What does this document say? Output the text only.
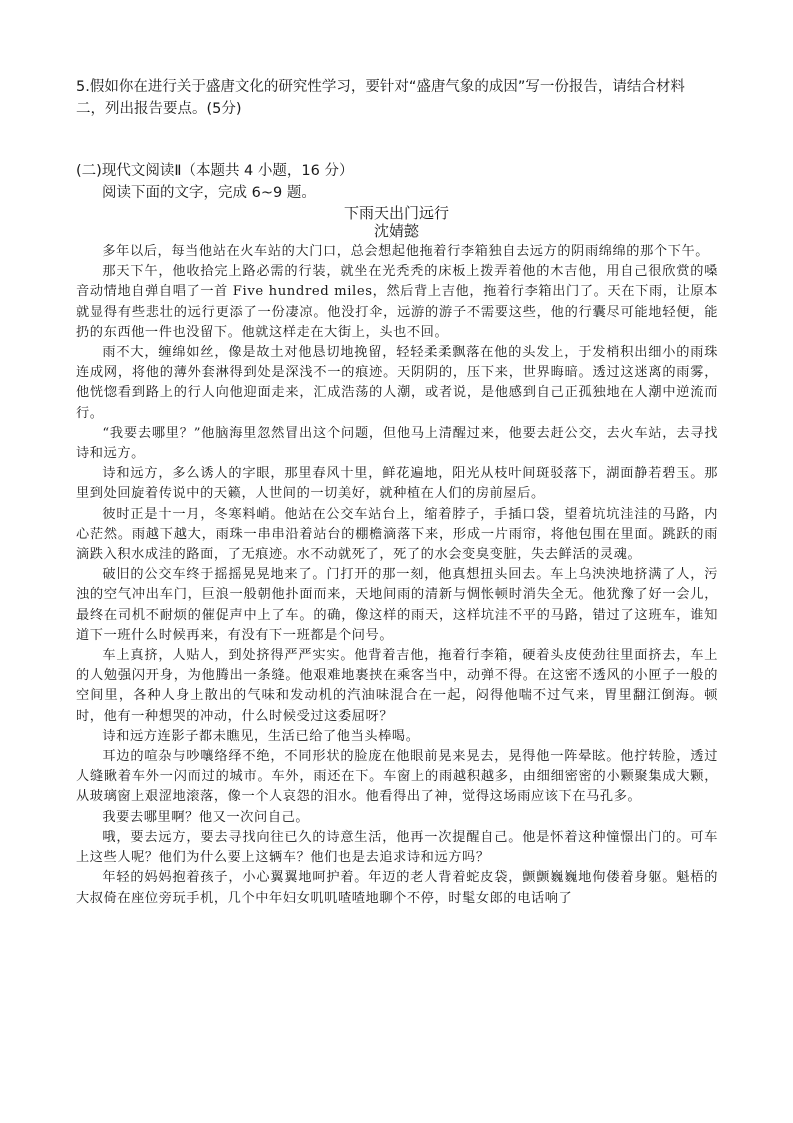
5.假如你在进行关于盛唐文化的研究性学习，要针对“盛唐气象的成因”写一份报告，请结合材料二，列出报告要点。(5分)

(二)现代文阅读Ⅱ（本题共 4 小题，16 分）
阅读下面的文字，完成 6~9 题。
下雨天出门远行
沈婧懿

多年以后，每当他站在火车站的大门口，总会想起他拖着行李箱独自去远方的阴雨绵绵的那个下午。

那天下午，他收拾完上路必需的行装，就坐在光秃秃的床板上拨弄着他的木吉他，用自己很欣赏的嗓音动情地自弹自唱了一首 Five hundred miles，然后背上吉他，拖着行李箱出门了。天在下雨，让原本就显得有些悲壮的远行更添了一份凄凉。他没打伞，远游的游子不需要这些，他的行囊尽可能地轻便，能扔的东西他一件也没留下。他就这样走在大街上，头也不回。

雨不大，缠绵如丝，像是故土对他恳切地挽留，轻轻柔柔飘落在他的头发上，于发梢积出细小的雨珠连成网，将他的薄外套淋得到处是深浅不一的痕迹。天阴阴的，压下来，世界晦暗。透过这迷离的雨雾，他恍惚看到路上的行人向他迎面走来，汇成浩荡的人潮，或者说，是他感到自己正孤独地在人潮中逆流而行。

“我要去哪里？”他脑海里忽然冒出这个问题，但他马上清醒过来，他要去赶公交，去火车站，去寻找诗和远方。

诗和远方，多么诱人的字眼，那里春风十里，鲜花遍地，阳光从枝叶间斑驳落下，湖面静若碧玉。那里到处回旋着传说中的天籁，人世间的一切美好，就种植在人们的房前屋后。

彼时正是十一月，冬寒料峭。他站在公交车站台上，缩着脖子，手插口袋，望着坑坑洼洼的马路，内心茫然。雨越下越大，雨珠一串串沿着站台的棚檐滴落下来，形成一片雨帘，将他包围在里面。跳跃的雨滴跌入积水成洼的路面，了无痕迹。水不动就死了，死了的水会变臭变脏，失去鲜活的灵魂。

破旧的公交车终于摇摇晃晃地来了。门打开的那一刻，他真想扭头回去。车上乌泱泱地挤满了人，污浊的空气冲出车门，巨浪一般朝他扑面而来，天地间雨的清新与惆怅顿时消失全无。他犹豫了好一会儿，最终在司机不耐烦的催促声中上了车。的确，像这样的雨天，这样坑洼不平的马路，错过了这班车，谁知道下一班什么时候再来，有没有下一班都是个问号。

车上真挤，人贴人，到处挤得严严实实。他背着吉他，拖着行李箱，硬着头皮使劲往里面挤去，车上的人勉强闪开身，为他腾出一条缝。他艰难地裹挟在乘客当中，动弹不得。在这密不透风的小匣子一般的空间里，各种人身上散出的气味和发动机的汽油味混合在一起，闷得他喘不过气来，胃里翻江倒海。顿时，他有一种想哭的冲动，什么时候受过这委屈呀？

诗和远方连影子都未瞧见，生活已给了他当头棒喝。

耳边的喧杂与吵嚷络绎不绝，不同形状的脸庞在他眼前晃来晃去，晃得他一阵晕眩。他拧转脸，透过人缝瞅着车外一闪而过的城市。车外，雨还在下。车窗上的雨越积越多，由细细密密的小颗聚集成大颗，从玻璃窗上艰涩地滚落，像一个人哀怨的泪水。他看得出了神，觉得这场雨应该下在马孔多。

我要去哪里啊？他又一次问自己。

哦，要去远方，要去寻找向往已久的诗意生活，他再一次提醒自己。他是怀着这种憧憬出门的。可车上这些人呢？他们为什么要上这辆车？他们也是去追求诗和远方吗？

年轻的妈妈抱着孩子，小心翼翼地呵护着。年迈的老人背着蛇皮袋，颤颤巍巍地佝偻着身躯。魁梧的大叔倚在座位旁玩手机，几个中年妇女叽叽喳喳地聊个不停，时髦女郎的电话响了
